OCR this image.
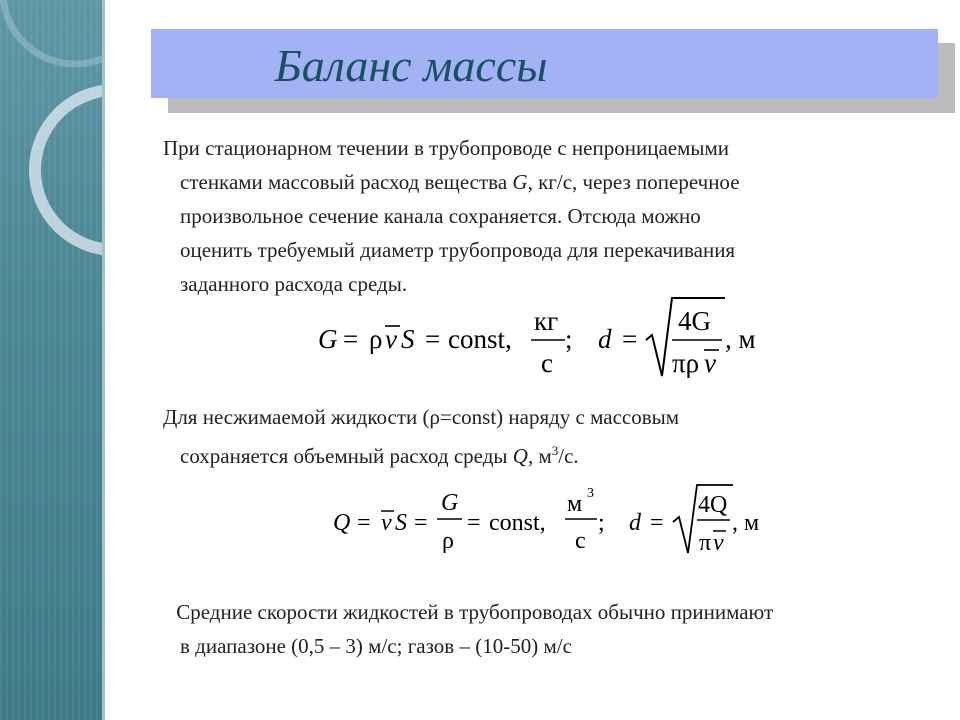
Баланс массы
При стационарном течении в трубопроводе с непроницаемыми
стенками массовый расход вещества G, кг/с, через поперечное
произвольное сечение канала сохраняется. Отсюда можно
оценить требуемый диаметр трубопровода для перекачивания
заданного расхода среды.
G = ρ v S = const,
кг
с
; d =
4G
πρ v
, м
Для несжимаемой жидкости (ρ=const) наряду с массовым
сохраняется объемный расход среды Q, $м^3/с$.
Q = v S =
G
ρ
= const,
м 3
с
; d =
4Q
π v
, м
Средние скорости жидкостей в трубопроводах обычно принимают
в диапазоне (0,5 – 3) м/с; газов – (10-50) м/с
